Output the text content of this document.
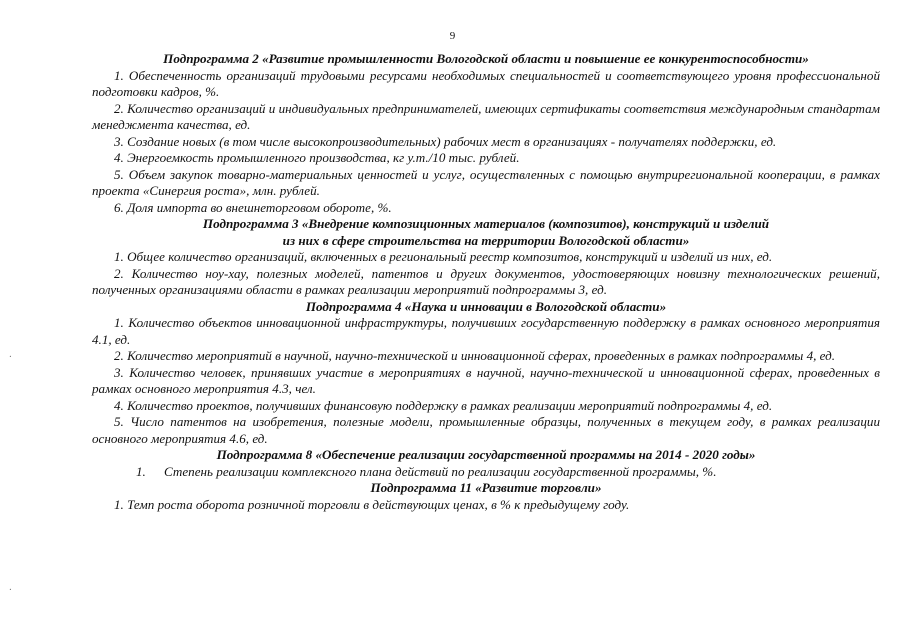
9
·
·

Подпрограмма 2 «Развитие промышленности Вологодской области и повышение ее конкурентоспособности»

1. Обеспеченность организаций трудовыми ресурсами необходимых специальностей и соответствующего уровня профессиональной подготовки кадров, %.

2. Количество организаций и индивидуальных предпринимателей, имеющих сертификаты соответствия международным стандартам менеджмента качества, ед.

3. Создание новых (в том числе высокопроизводительных) рабочих мест в организациях - получателях поддержки, ед.

4. Энергоемкость промышленного производства, кг у.т./10 тыс. рублей.

5. Объем закупок товарно-материальных ценностей и услуг, осуществленных с помощью внутрирегиональной кооперации, в рамках проекта «Синергия роста», млн. рублей.

6. Доля импорта во внешнеторговом обороте, %.

Подпрограмма 3 «Внедрение композиционных материалов (композитов), конструкций и изделий
из них в сфере строительства на территории Вологодской области»

1. Общее количество организаций, включенных в региональный реестр композитов, конструкций и изделий из них, ед.

2. Количество ноу-хау, полезных моделей, патентов и других документов, удостоверяющих новизну технологических решений, полученных организациями области в рамках реализации мероприятий подпрограммы 3, ед.

Подпрограмма 4 «Наука и инновации в Вологодской области»

1. Количество объектов инновационной инфраструктуры, получивших государственную поддержку в рамках основного мероприятия 4.1, ед.

2. Количество мероприятий в научной, научно-технической и инновационной сферах, проведенных в рамках подпрограммы 4, ед.

3. Количество человек, принявших участие в мероприятиях в научной, научно-технической и инновационной сферах, проведенных в рамках основного мероприятия 4.3, чел.

4. Количество проектов, получивших финансовую поддержку в рамках реализации мероприятий подпрограммы 4, ед.

5. Число патентов на изобретения, полезные модели, промышленные образцы, полученных в текущем году, в рамках реализации основного мероприятия 4.6, ед.

Подпрограмма 8 «Обеспечение реализации государственной программы на 2014 - 2020 годы»

1. Степень реализации комплексного плана действий по реализации государственной программы, %.

Подпрограмма 11 «Развитие торговли»

1. Темп роста оборота розничной торговли в действующих ценах, в % к предыдущему году.
